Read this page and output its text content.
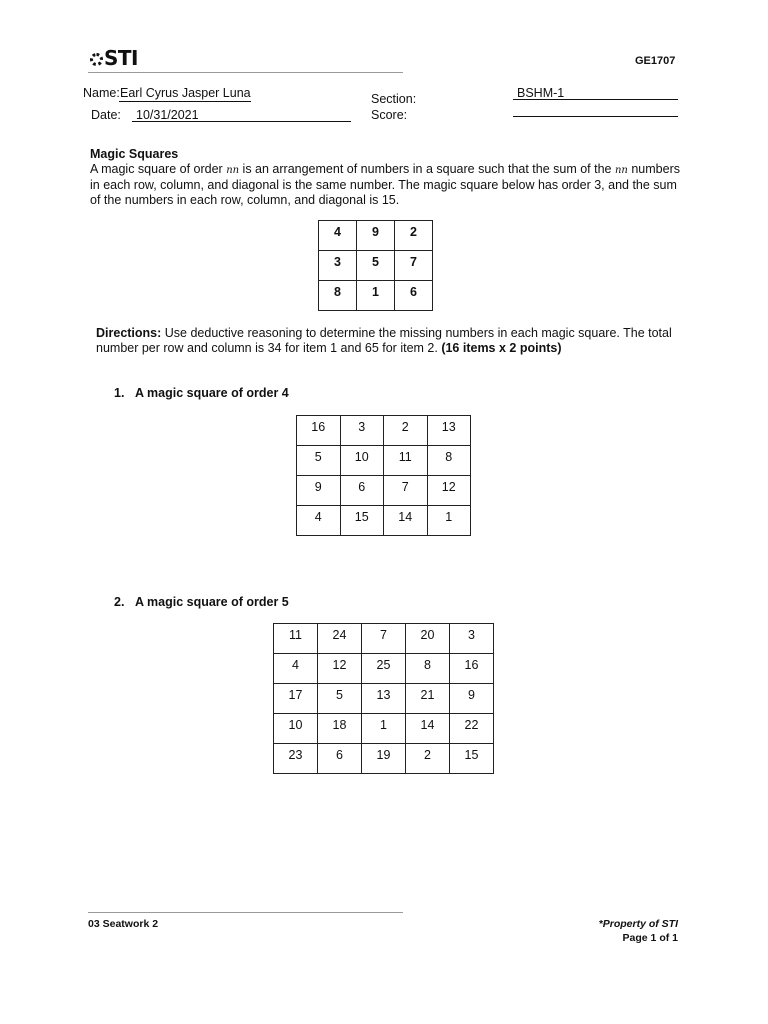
STI	GE1707
Name: Earl Cyrus Jasper Luna
Date: 10/31/2021
Section:	BSHM-1
Score:
Magic Squares
A magic square of order nn is an arrangement of numbers in a square such that the sum of the nn numbers in each row, column, and diagonal is the same number. The magic square below has order 3, and the sum of the numbers in each row, column, and diagonal is 15.
4	9	2
3	5	7
8	1	6
Directions: Use deductive reasoning to determine the missing numbers in each magic square. The total number per row and column is 34 for item 1 and 65 for item 2. (16 items x 2 points)
1. A magic square of order 4
16	3	2	13
5	10	11	8
9	6	7	12
4	15	14	1
2. A magic square of order 5
11	24	7	20	3
4	12	25	8	16
17	5	13	21	9
10	18	1	14	22
23	6	19	2	15
03 Seatwork 2	*Property of STI
Page 1 of 1
